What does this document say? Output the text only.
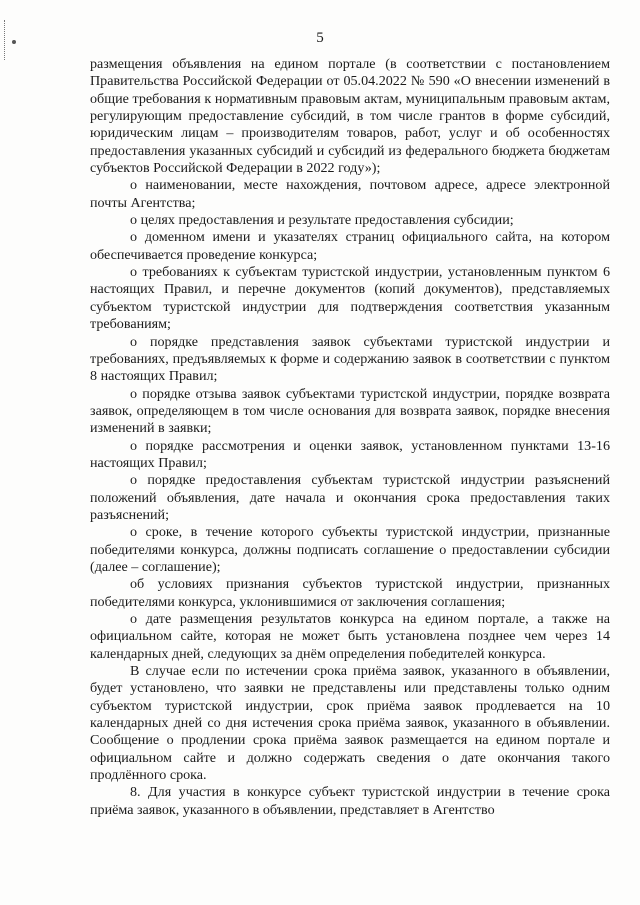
5

размещения объявления на едином портале (в соответствии с постановлением Правительства Российской Федерации от 05.04.2022 № 590 «О внесении изменений в общие требования к нормативным правовым актам, муниципальным правовым актам, регулирующим предоставление субсидий, в том числе грантов в форме субсидий, юридическим лицам – производителям товаров, работ, услуг и об особенностях предоставления указанных субсидий и субсидий из федерального бюджета бюджетам субъектов Российской Федерации в 2022 году»);

о наименовании, месте нахождения, почтовом адресе, адресе электронной почты Агентства;

о целях предоставления и результате предоставления субсидии;

о доменном имени и указателях страниц официального сайта, на котором обеспечивается проведение конкурса;

о требованиях к субъектам туристской индустрии, установленным пунктом 6 настоящих Правил, и перечне документов (копий документов), представляемых субъектом туристской индустрии для подтверждения соответствия указанным требованиям;

о порядке представления заявок субъектами туристской индустрии и требованиях, предъявляемых к форме и содержанию заявок в соответствии с пунктом 8 настоящих Правил;

о порядке отзыва заявок субъектами туристской индустрии, порядке возврата заявок, определяющем в том числе основания для возврата заявок, порядке внесения изменений в заявки;

о порядке рассмотрения и оценки заявок, установленном пунктами 13-16 настоящих Правил;

о порядке предоставления субъектам туристской индустрии разъяснений положений объявления, дате начала и окончания срока предоставления таких разъяснений;

о сроке, в течение которого субъекты туристской индустрии, признанные победителями конкурса, должны подписать соглашение о предоставлении субсидии (далее – соглашение);

об условиях признания субъектов туристской индустрии, признанных победителями конкурса, уклонившимися от заключения соглашения;

о дате размещения результатов конкурса на едином портале, а также на официальном сайте, которая не может быть установлена позднее чем через 14 календарных дней, следующих за днём определения победителей конкурса.

В случае если по истечении срока приёма заявок, указанного в объявлении, будет установлено, что заявки не представлены или представлены только одним субъектом туристской индустрии, срок приёма заявок продлевается на 10 календарных дней со дня истечения срока приёма заявок, указанного в объявлении. Сообщение о продлении срока приёма заявок размещается на едином портале и официальном сайте и должно содержать сведения о дате окончания такого продлённого срока.

8. Для участия в конкурсе субъект туристской индустрии в течение срока приёма заявок, указанного в объявлении, представляет в Агентство
